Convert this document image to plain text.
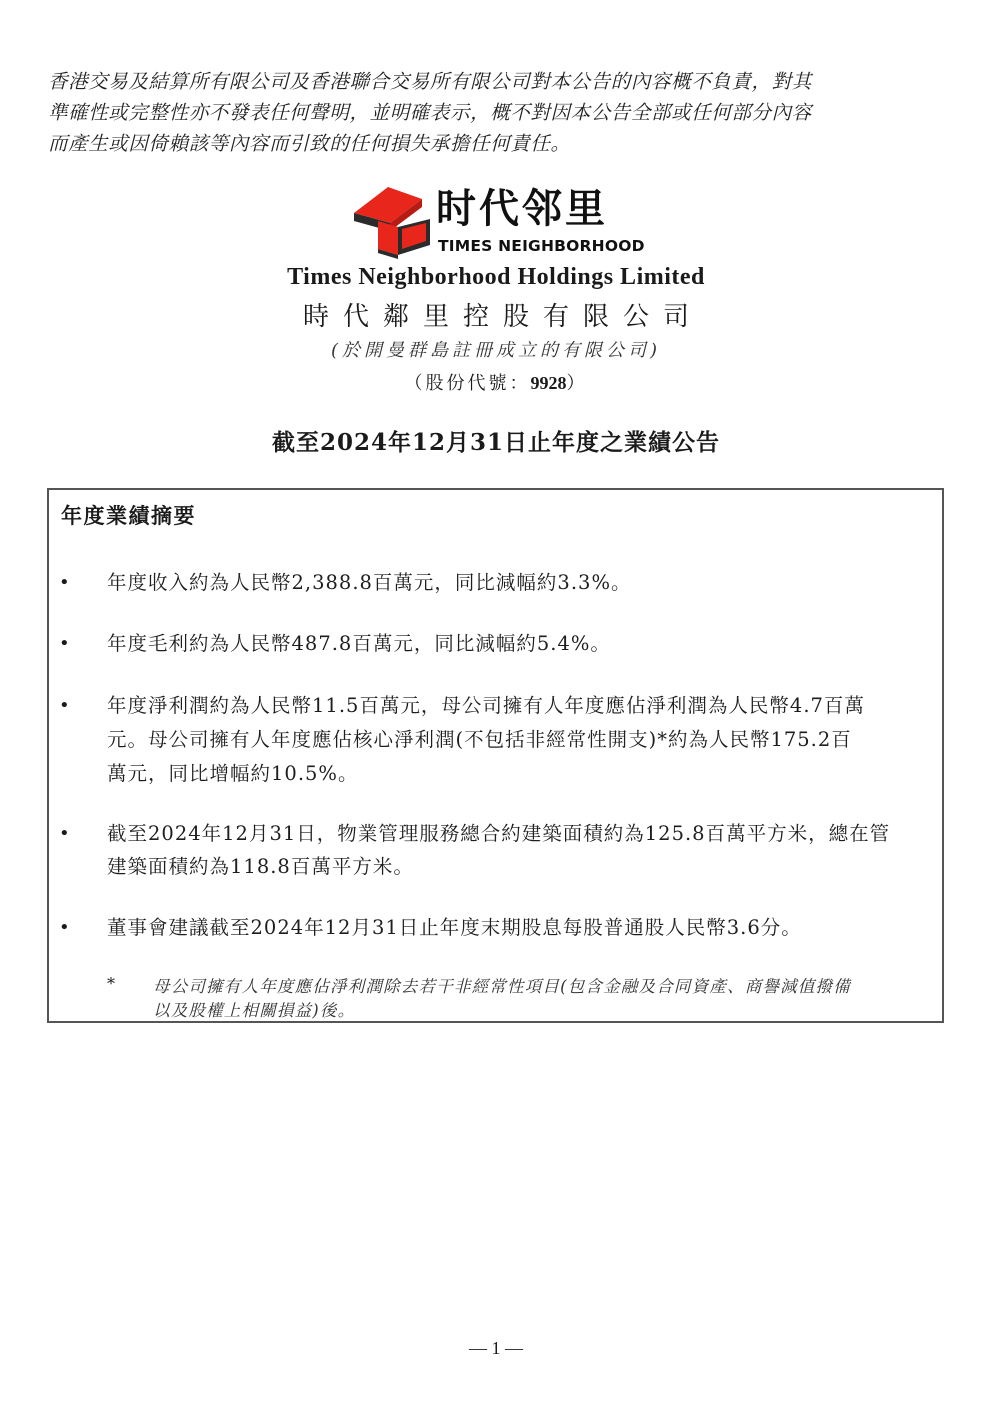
香港交易及結算所有限公司及香港聯合交易所有限公司對本公告的內容概不負責，對其

準確性或完整性亦不發表任何聲明，並明確表示，概不對因本公告全部或任何部分內容

而產生或因倚賴該等內容而引致的任何損失承擔任何責任。

时代邻里
TIMES NEIGHBORHOOD
Times Neighborhood Holdings Limited
時代鄰里控股有限公司
(於開曼群島註冊成立的有限公司)
（股份代號：9928）
截至2024年12月31日止年度之業績公告
年度業績摘要
• 年度收入約為人民幣2,388.8百萬元，同比減幅約3.3%。
• 年度毛利約為人民幣487.8百萬元，同比減幅約5.4%。
• 年度淨利潤約為人民幣11.5百萬元，母公司擁有人年度應佔淨利潤為人民幣4.7百萬
元。母公司擁有人年度應佔核心淨利潤(不包括非經常性開支)*約為人民幣175.2百
萬元，同比增幅約10.5%。
• 截至2024年12月31日，物業管理服務總合約建築面積約為125.8百萬平方米，總在管
建築面積約為118.8百萬平方米。
• 董事會建議截至2024年12月31日止年度末期股息每股普通股人民幣3.6分。
* 母公司擁有人年度應佔淨利潤除去若干非經常性項目(包含金融及合同資產、商譽減值撥備
以及股權上相關損益)後。
— 1 —
